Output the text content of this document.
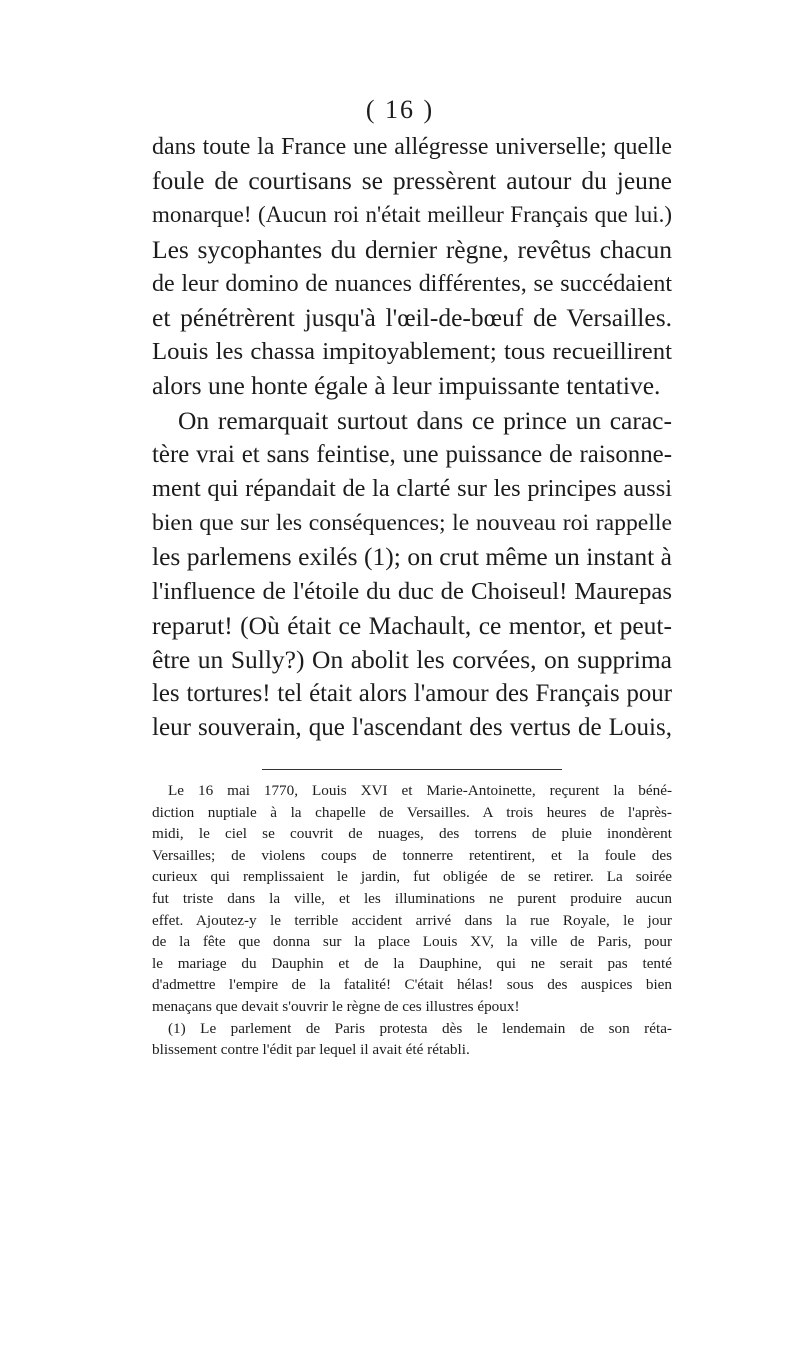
( 16 )
dans toute la France une allégresse universelle; quelle
foule de courtisans se pressèrent autour du jeune
monarque! (Aucun roi n'était meilleur Français que lui.)
Les sycophantes du dernier règne, revêtus chacun
de leur domino de nuances différentes, se succédaient
et pénétrèrent jusqu'à l'œil-de-bœuf de Versailles.
Louis les chassa impitoyablement; tous recueillirent
alors une honte égale à leur impuissante tentative.
On remarquait surtout dans ce prince un carac-
tère vrai et sans feintise, une puissance de raisonne-
ment qui répandait de la clarté sur les principes aussi
bien que sur les conséquences; le nouveau roi rappelle
les parlemens exilés (1); on crut même un instant à
l'influence de l'étoile du duc de Choiseul! Maurepas
reparut! (Où était ce Machault, ce mentor, et peut-
être un Sully?) On abolit les corvées, on supprima
les tortures! tel était alors l'amour des Français pour
leur souverain, que l'ascendant des vertus de Louis,
Le 16 mai 1770, Louis XVI et Marie-Antoinette, reçurent la béné-
diction nuptiale à la chapelle de Versailles. A trois heures de l'après-
midi, le ciel se couvrit de nuages, des torrens de pluie inondèrent
Versailles; de violens coups de tonnerre retentirent, et la foule des
curieux qui remplissaient le jardin, fut obligée de se retirer. La soirée
fut triste dans la ville, et les illuminations ne purent produire aucun
effet. Ajoutez-y le terrible accident arrivé dans la rue Royale, le jour
de la fête que donna sur la place Louis XV, la ville de Paris, pour
le mariage du Dauphin et de la Dauphine, qui ne serait pas tenté
d'admettre l'empire de la fatalité! C'était hélas! sous des auspices bien
menaçans que devait s'ouvrir le règne de ces illustres époux!
(1) Le parlement de Paris protesta dès le lendemain de son réta-
blissement contre l'édit par lequel il avait été rétabli.
